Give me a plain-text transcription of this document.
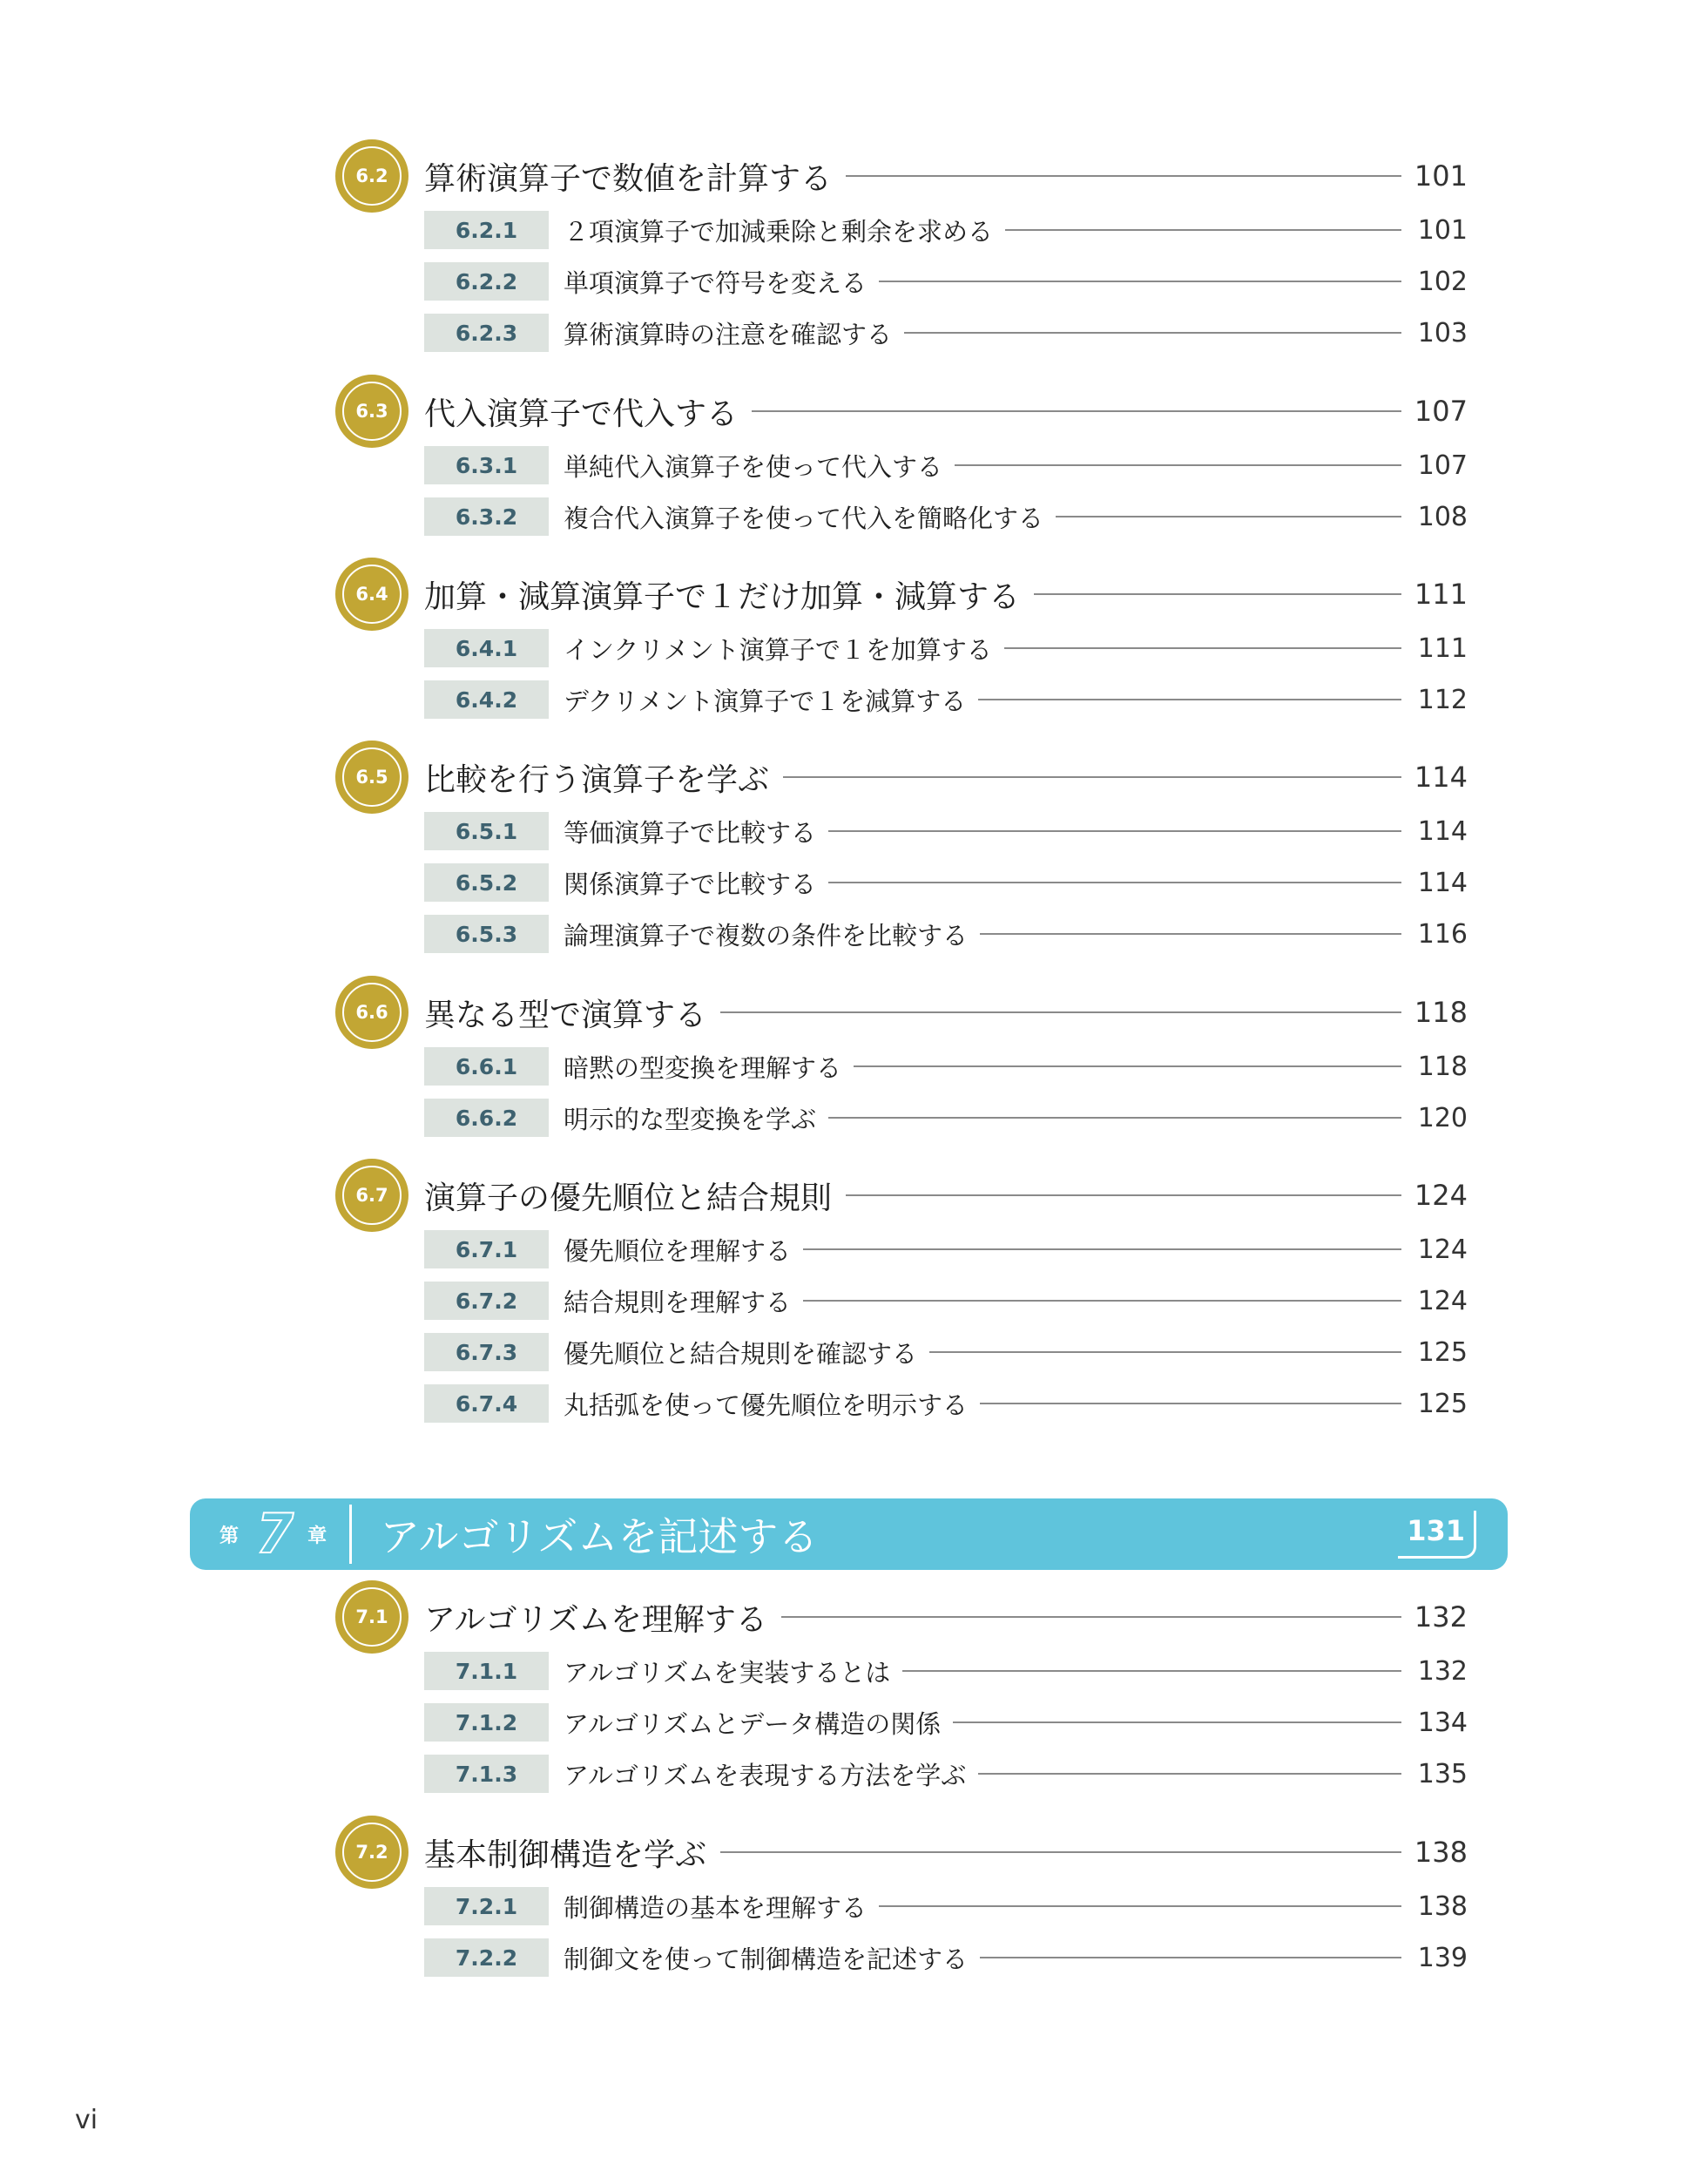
第 7 章 アルゴリズムを記述する	131
vi
6.2 算術演算子で数値を計算する	101
6.2.1	２項演算子で加減乗除と剰余を求める	101
6.2.2	単項演算子で符号を変える	102
6.2.3	算術演算時の注意を確認する	103
6.3 代入演算子で代入する	107
6.3.1	単純代入演算子を使って代入する	107
6.3.2	複合代入演算子を使って代入を簡略化する	108
6.4 加算・減算演算子で１だけ加算・減算する	111
6.4.1	インクリメント演算子で１を加算する	111
6.4.2	デクリメント演算子で１を減算する	112
6.5 比較を行う演算子を学ぶ	114
6.5.1	等価演算子で比較する	114
6.5.2	関係演算子で比較する	114
6.5.3	論理演算子で複数の条件を比較する	116
6.6 異なる型で演算する	118
6.6.1	暗黙の型変換を理解する	118
6.6.2	明示的な型変換を学ぶ	120
6.7 演算子の優先順位と結合規則	124
6.7.1	優先順位を理解する	124
6.7.2	結合規則を理解する	124
6.7.3	優先順位と結合規則を確認する	125
6.7.4	丸括弧を使って優先順位を明示する	125
7.1 アルゴリズムを理解する	132
7.1.1	アルゴリズムを実装するとは	132
7.1.2	アルゴリズムとデータ構造の関係	134
7.1.3	アルゴリズムを表現する方法を学ぶ	135
7.2 基本制御構造を学ぶ	138
7.2.1	制御構造の基本を理解する	138
7.2.2	制御文を使って制御構造を記述する	139
